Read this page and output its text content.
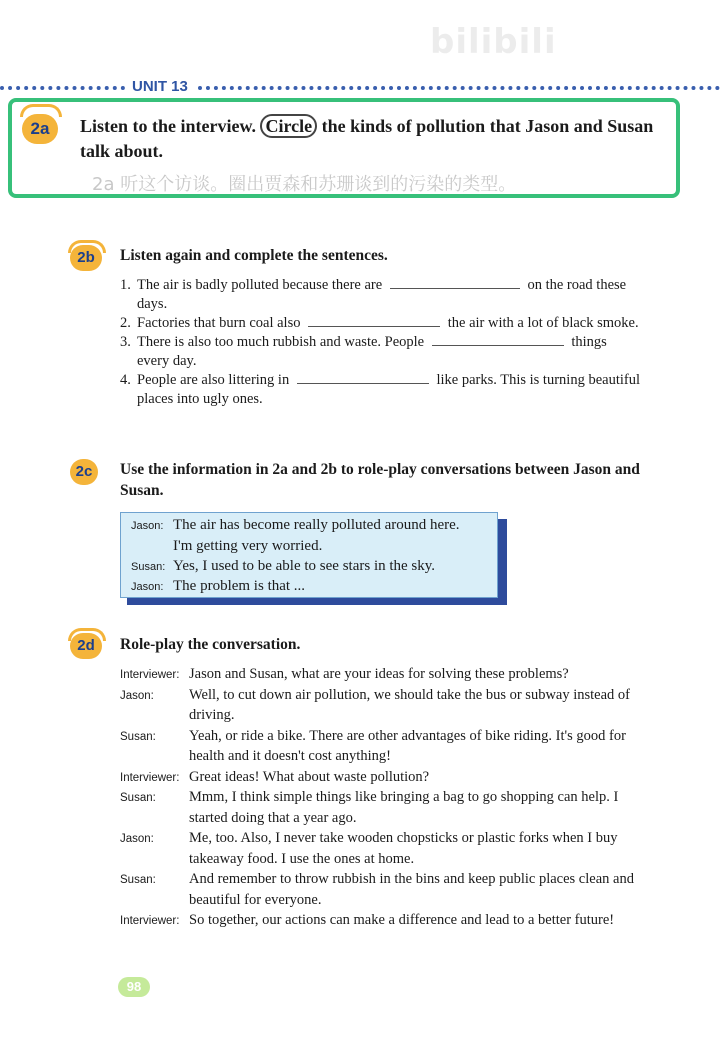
bilibili
UNIT 13
2a	Listen to the interview. Circle the kinds of pollution that Jason and Susan talk about.
2a 听这个访谈。圈出贾森和苏珊谈到的污染的类型。
2b	Listen again and complete the sentences.
1. The air is badly polluted because there are	on the road these days.
2. Factories that burn coal also	the air with a lot of black smoke.
3. There is also too much rubbish and waste. People	things every day.
4. People are also littering in	like parks. This is turning beautiful places into ugly ones.
2c	Use the information in 2a and 2b to role-play conversations between Jason and Susan.
Jason: The air has become really polluted around here.
I'm getting very worried.
Susan: Yes, I used to be able to see stars in the sky.
Jason: The problem is that ...
2d	Role-play the conversation.
Interviewer: Jason and Susan, what are your ideas for solving these problems?
Jason: Well, to cut down air pollution, we should take the bus or subway instead of driving.
Susan: Yeah, or ride a bike. There are other advantages of bike riding. It's good for health and it doesn't cost anything!
Interviewer: Great ideas! What about waste pollution?
Susan: Mmm, I think simple things like bringing a bag to go shopping can help. I started doing that a year ago.
Jason: Me, too. Also, I never take wooden chopsticks or plastic forks when I buy takeaway food. I use the ones at home.
Susan: And remember to throw rubbish in the bins and keep public places clean and beautiful for everyone.
Interviewer: So together, our actions can make a difference and lead to a better future!
98
